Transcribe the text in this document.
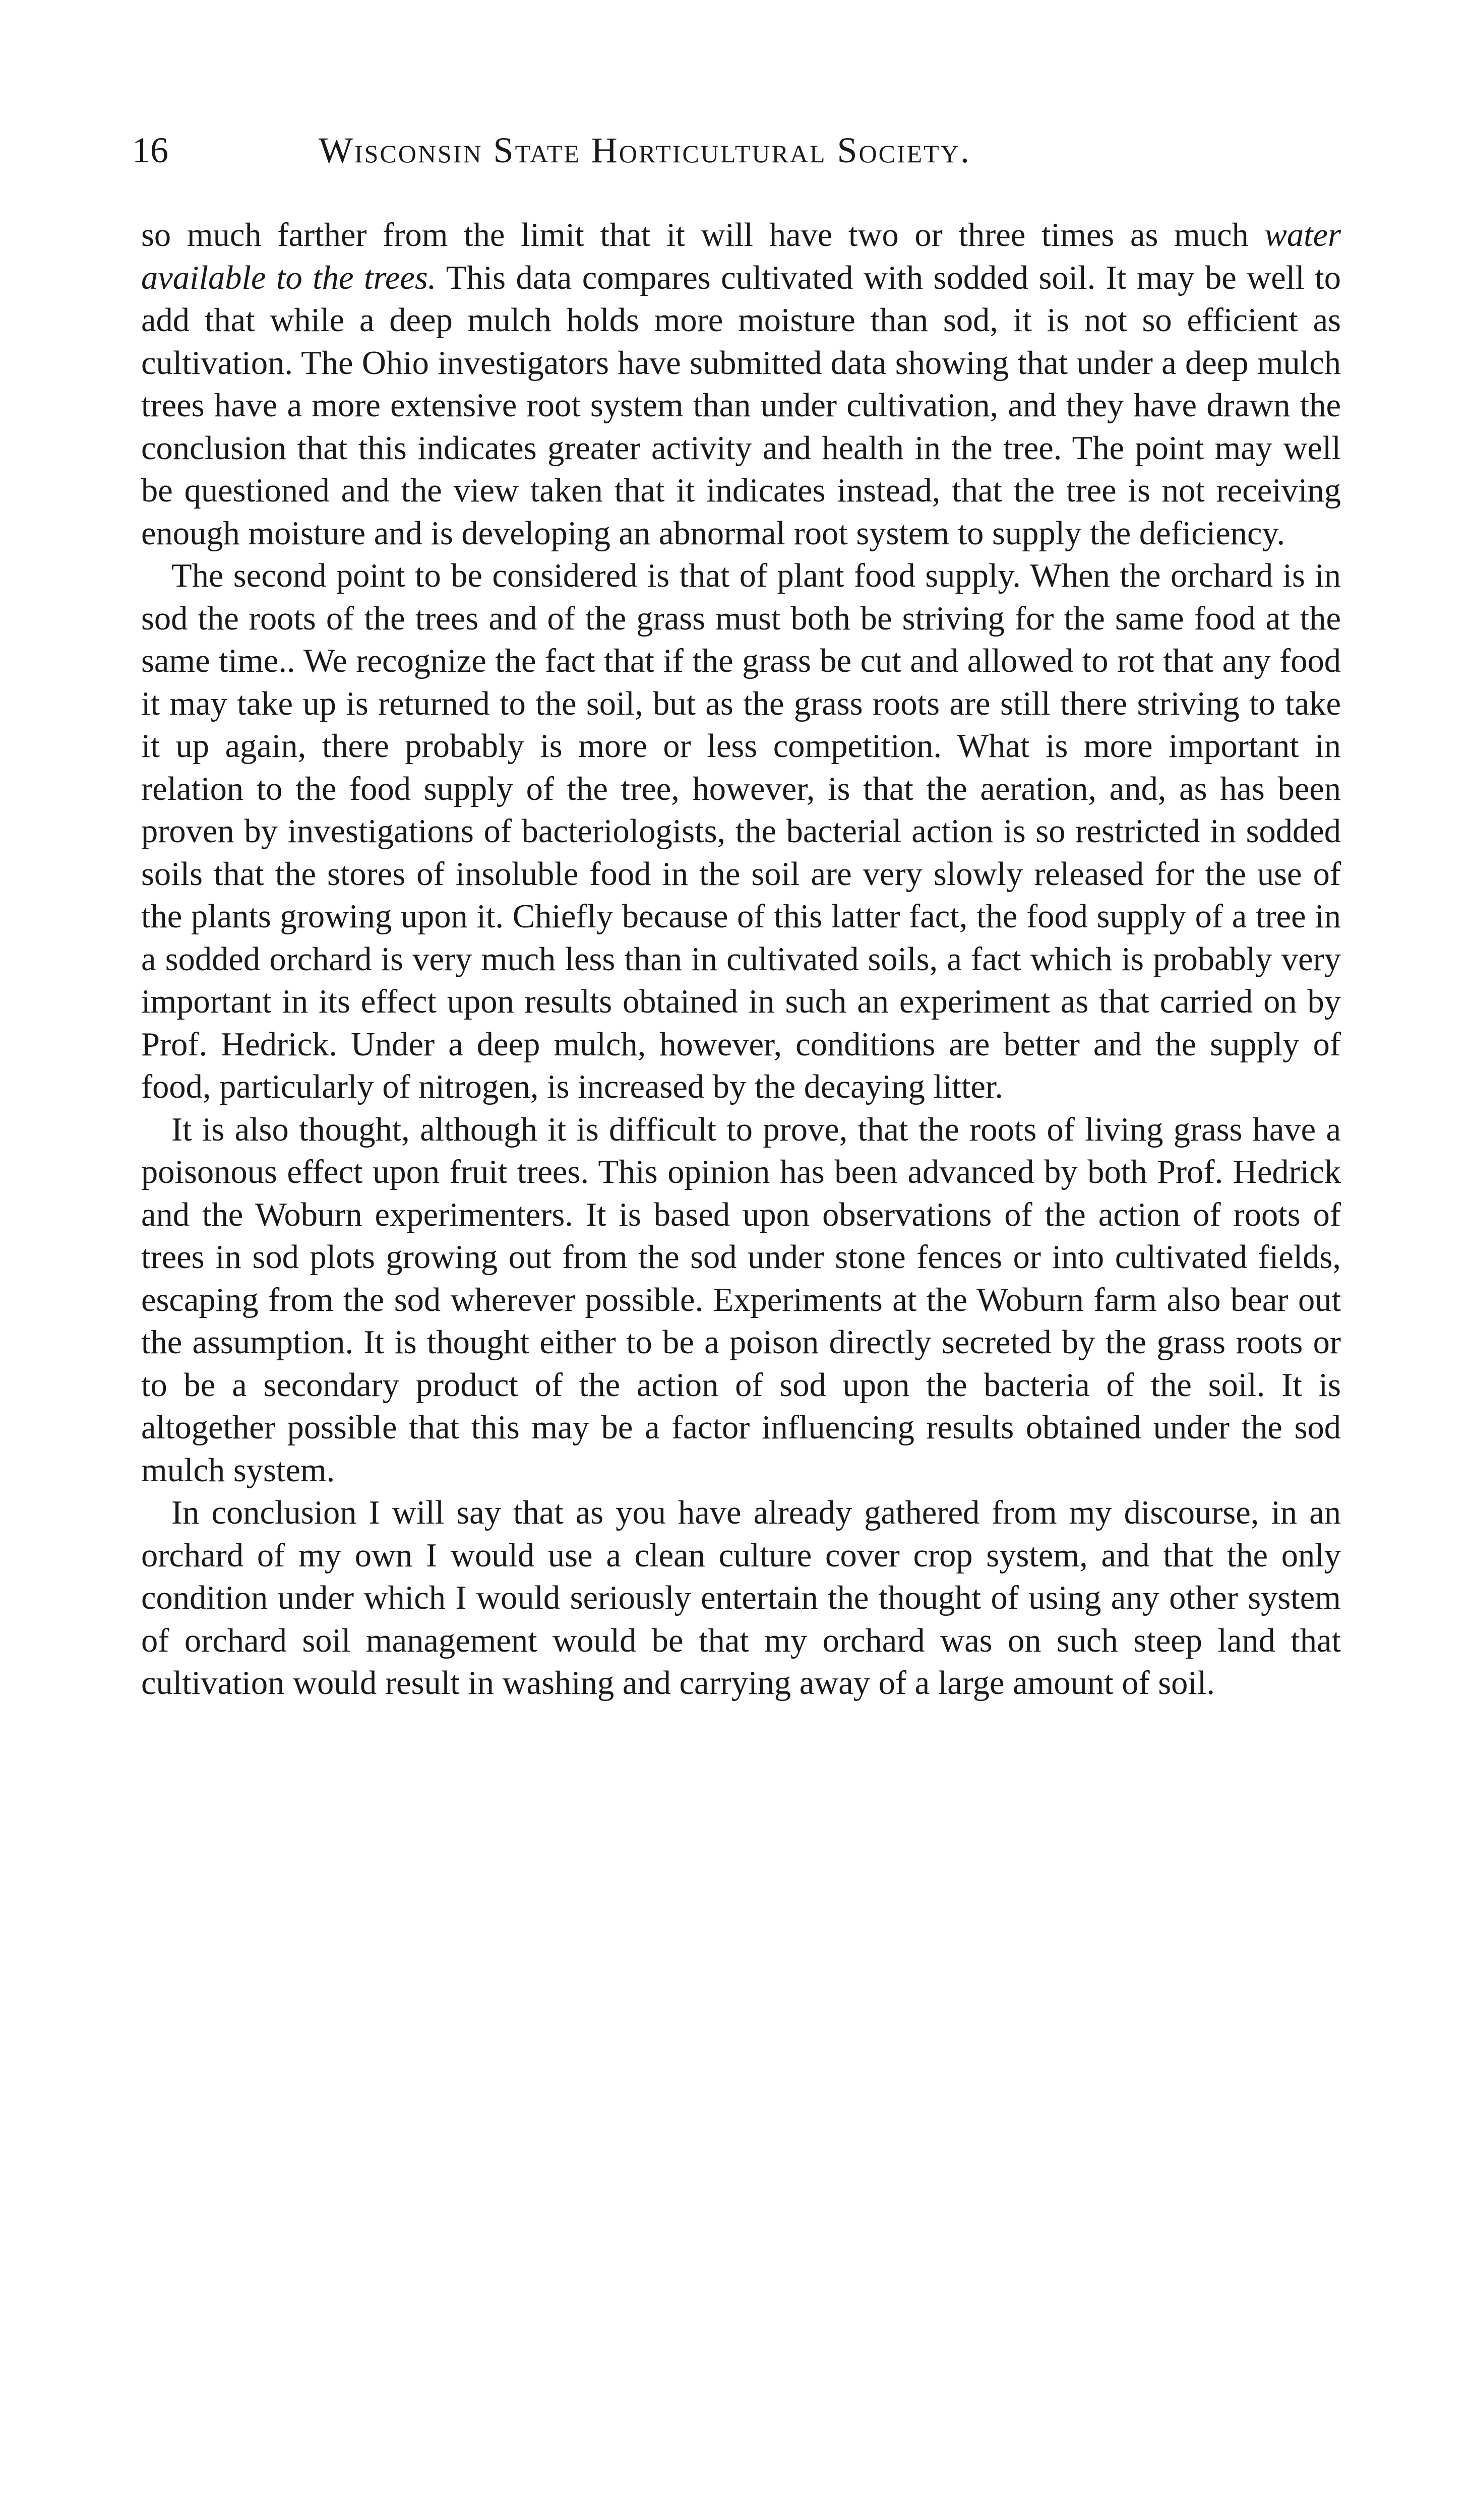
16	Wisconsin State Horticultural Society.

so much farther from the limit that it will have two or three times as much water available to the trees. This data compares cultivated with sodded soil. It may be well to add that while a deep mulch holds more moisture than sod, it is not so efficient as cultivation. The Ohio investigators have submitted data showing that under a deep mulch trees have a more extensive root system than under cultivation, and they have drawn the conclusion that this indicates greater activity and health in the tree. The point may well be questioned and the view taken that it indicates instead, that the tree is not receiving enough moisture and is developing an abnormal root system to supply the deficiency.

The second point to be considered is that of plant food supply. When the orchard is in sod the roots of the trees and of the grass must both be striving for the same food at the same time.. We recognize the fact that if the grass be cut and allowed to rot that any food it may take up is returned to the soil, but as the grass roots are still there striving to take it up again, there probably is more or less competition. What is more important in relation to the food supply of the tree, however, is that the aeration, and, as has been proven by investigations of bacteriologists, the bacterial action is so restricted in sodded soils that the stores of insoluble food in the soil are very slowly released for the use of the plants growing upon it. Chiefly because of this latter fact, the food supply of a tree in a sodded orchard is very much less than in cultivated soils, a fact which is probably very important in its effect upon results obtained in such an experiment as that carried on by Prof. Hedrick. Under a deep mulch, however, conditions are better and the supply of food, particularly of nitrogen, is increased by the decaying litter.

It is also thought, although it is difficult to prove, that the roots of living grass have a poisonous effect upon fruit trees. This opinion has been advanced by both Prof. Hedrick and the Woburn experimenters. It is based upon observations of the action of roots of trees in sod plots growing out from the sod under stone fences or into cultivated fields, escaping from the sod wherever possible. Experiments at the Woburn farm also bear out the assumption. It is thought either to be a poison directly secreted by the grass roots or to be a secondary product of the action of sod upon the bacteria of the soil. It is altogether possible that this may be a factor influencing results obtained under the sod mulch system.

In conclusion I will say that as you have already gathered from my discourse, in an orchard of my own I would use a clean culture cover crop system, and that the only condition under which I would seriously entertain the thought of using any other system of orchard soil management would be that my orchard was on such steep land that cultivation would result in washing and carrying away of a large amount of soil.
